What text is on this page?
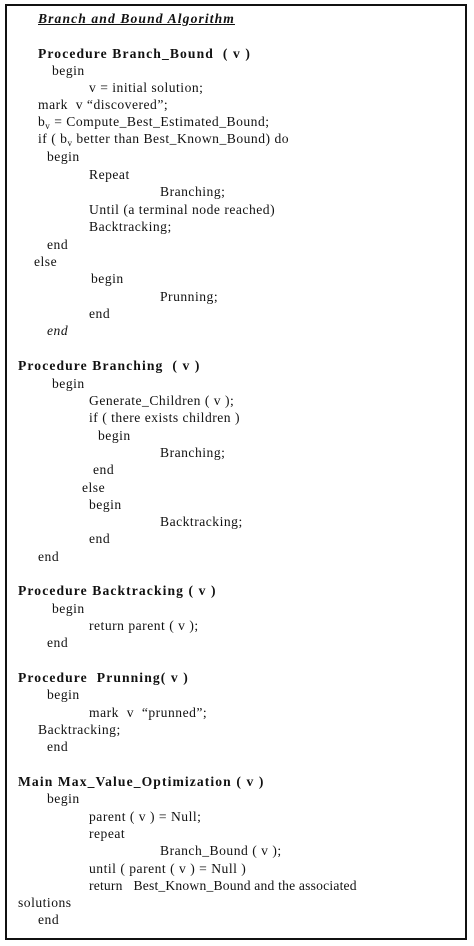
Branch and Bound Algorithm
Procedure Branch_Bound  ( v )
begin
v = initial solution;
mark  v “discovered”;
$b_v$ = Compute_Best_Estimated_Bound;
if ( $b_v$ better than Best_Known_Bound) do
begin
Repeat
Branching;
Until (a terminal node reached)
Backtracking;
end
else
begin
Prunning;
end
end
Procedure Branching  ( v )
begin
Generate_Children ( v );
if ( there exists children )
begin
Branching;
end
else
begin
Backtracking;
end
end
Procedure Backtracking ( v )
begin
return parent ( v );
end
Procedure  Prunning( v )
begin
mark  v  “prunned”;
Backtracking;
end
Main Max_Value_Optimization ( v )
begin
parent ( v ) = Null;
repeat
Branch_Bound ( v );
until ( parent ( v ) = Null )
return   Best_Known_Bound and the associated
solutions
end
